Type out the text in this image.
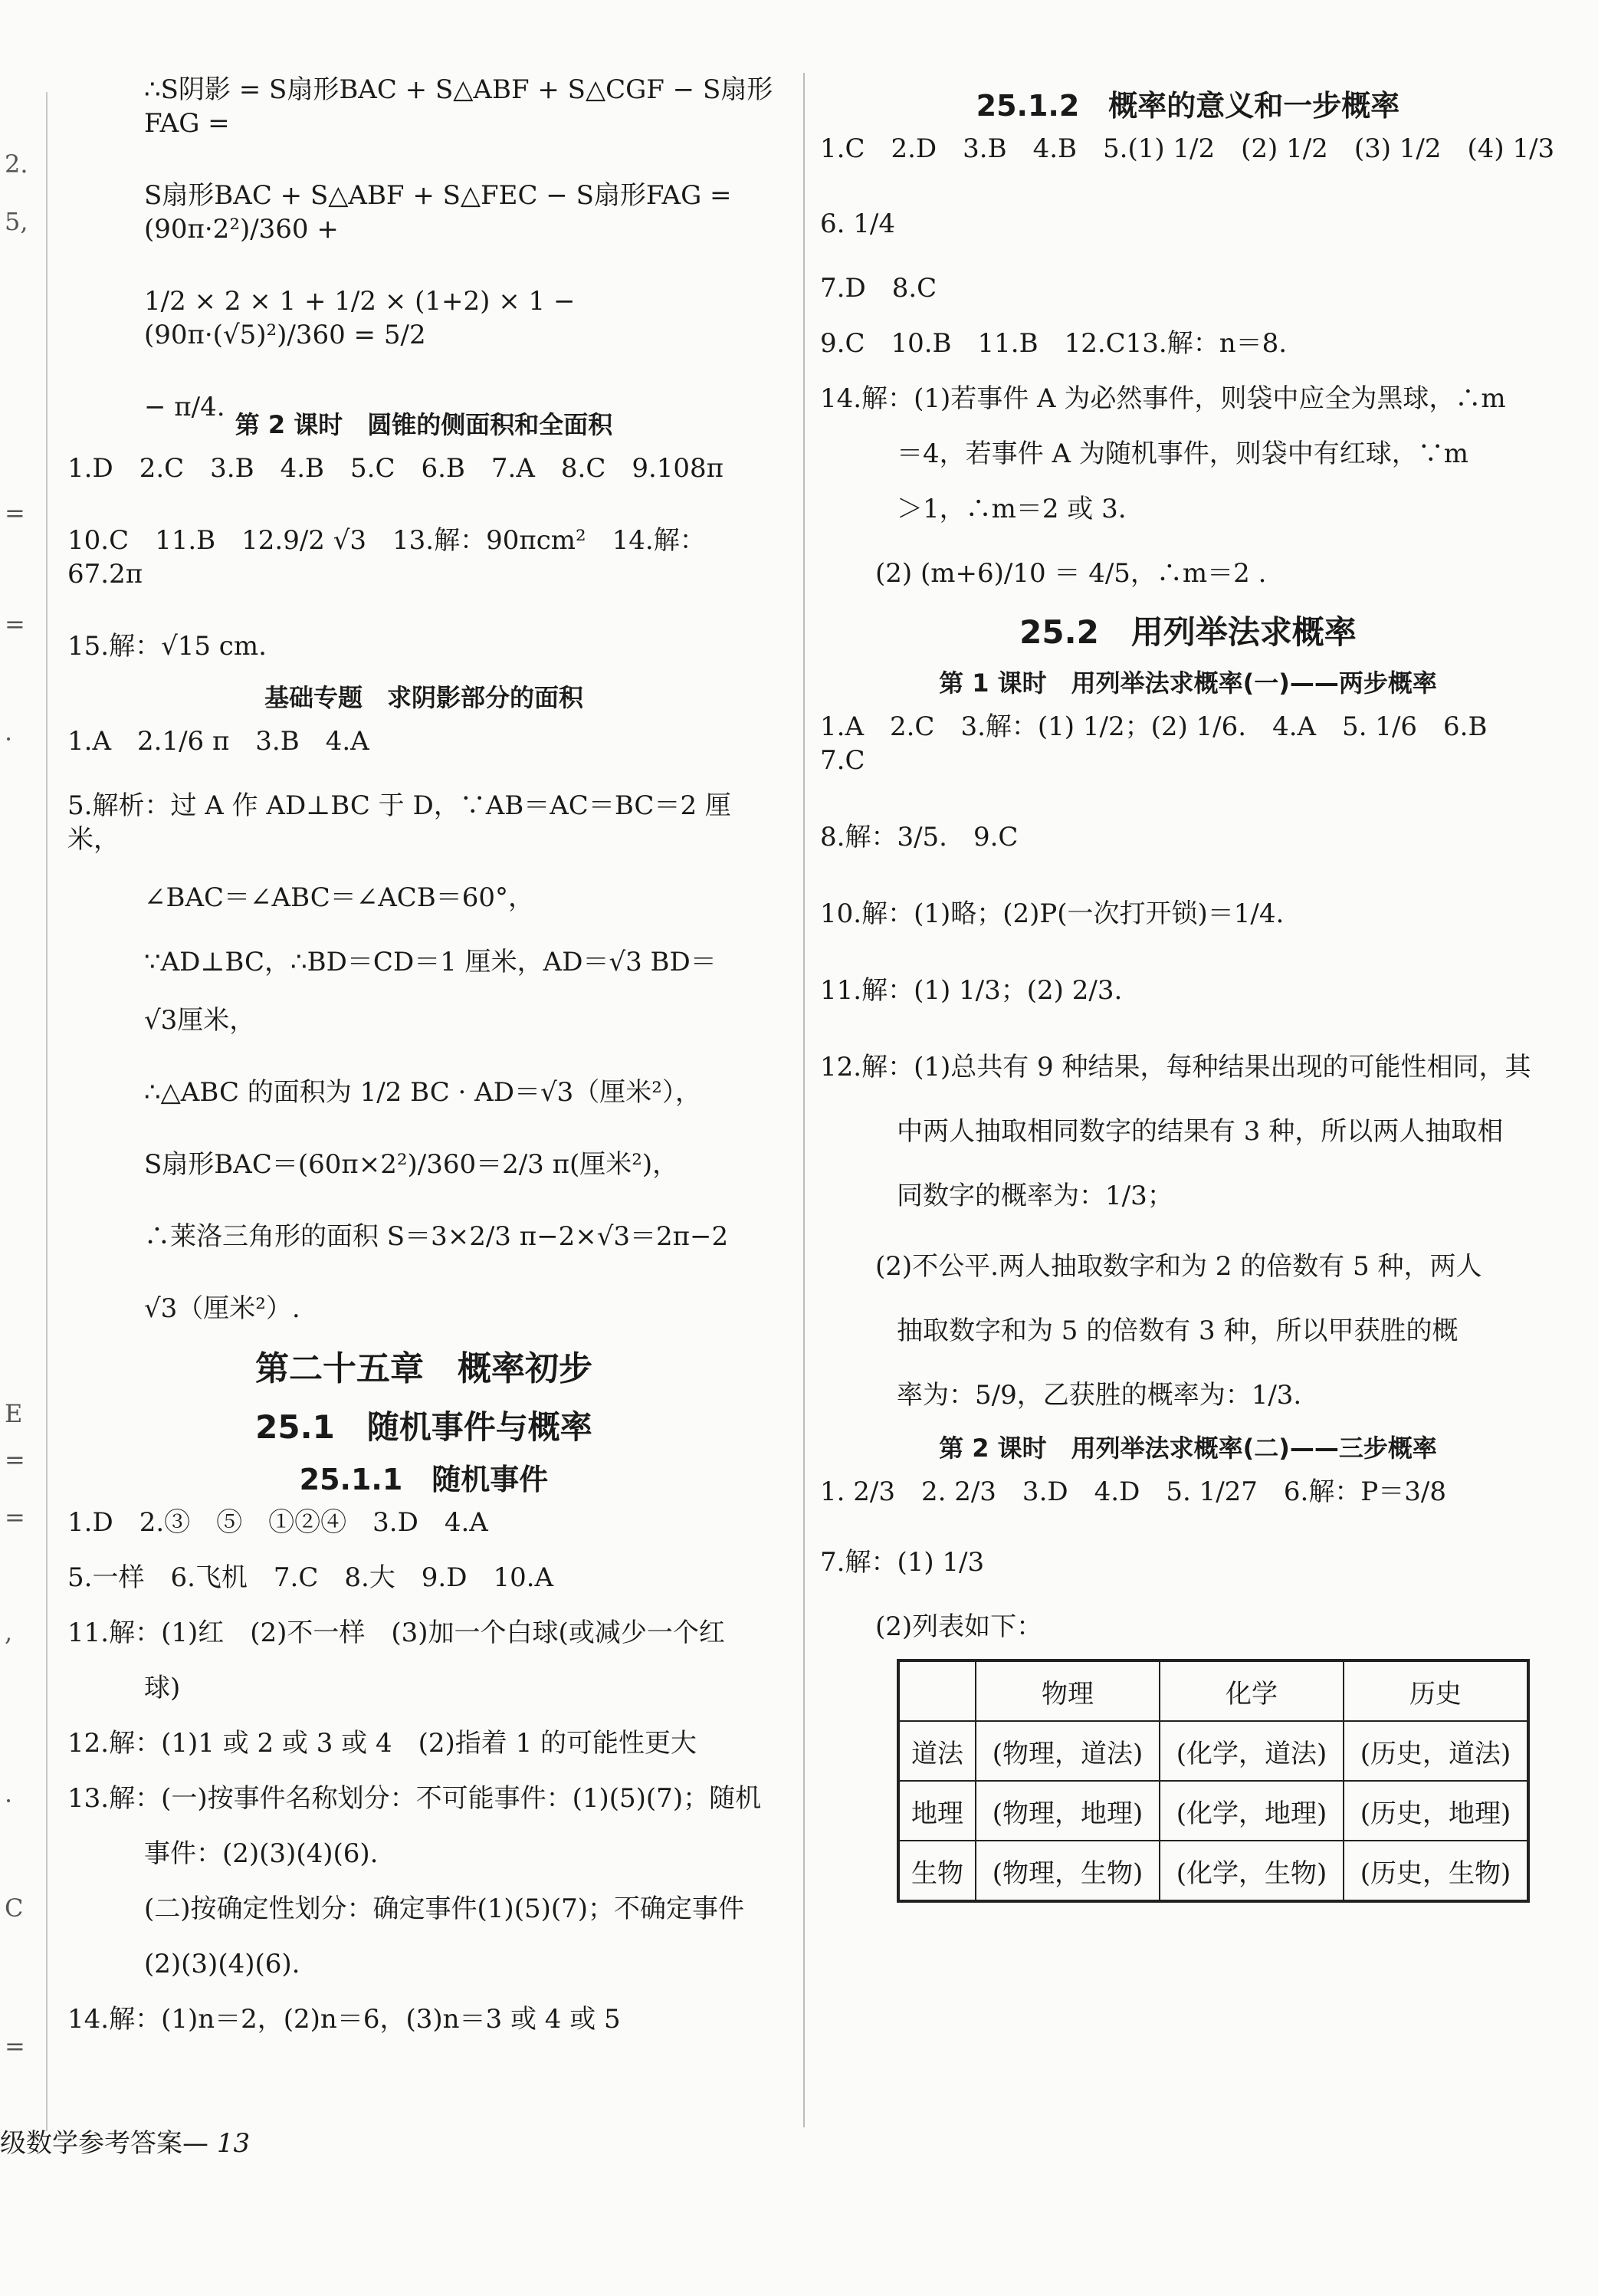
2.
5,
=
=
·
E
=
=
,
·
C
=

∴S阴影 = S扇形BAC + S△ABF + S△CGF − S扇形FAG =

S扇形BAC + S△ABF + S△FEC − S扇形FAG = (90π·2²)/360 +

1/2 × 2 × 1 + 1/2 × (1+2) × 1 − (90π·(√5)²)/360 = 5/2

− π/4.

第 2 课时　圆锥的侧面积和全面积

1.D　2.C　3.B　4.B　5.C　6.B　7.A　8.C　9.108π

10.C　11.B　12.9/2 √3　13.解：90πcm²　14.解：67.2π

15.解：√15 cm.

基础专题　求阴影部分的面积

1.A　2.1/6 π　3.B　4.A

5.解析：过 A 作 AD⊥BC 于 D，∵AB＝AC＝BC＝2 厘米，

∠BAC＝∠ABC＝∠ACB＝60°，

∵AD⊥BC，∴BD＝CD＝1 厘米，AD＝√3 BD＝

√3厘米，

∴△ABC 的面积为 1/2 BC · AD＝√3（厘米²），

S扇形BAC＝(60π×2²)/360＝2/3 π(厘米²)，

∴莱洛三角形的面积 S＝3×2/3 π−2×√3＝2π−2

√3（厘米²）.

第二十五章　概率初步
25.1　随机事件与概率
25.1.1　随机事件

1.D　2.③　⑤　①②④　3.D　4.A

5.一样　6.飞机　7.C　8.大　9.D　10.A

11.解：(1)红　(2)不一样　(3)加一个白球(或减少一个红

球)

12.解：(1)1 或 2 或 3 或 4　(2)指着 1 的可能性更大

13.解：(一)按事件名称划分：不可能事件：(1)(5)(7)；随机

事件：(2)(3)(4)(6).

(二)按确定性划分：确定事件(1)(5)(7)；不确定事件

(2)(3)(4)(6).

14.解：(1)n＝2，(2)n＝6，(3)n＝3 或 4 或 5

25.1.2　概率的意义和一步概率

1.C　2.D　3.B　4.B　5.(1) 1/2　(2) 1/2　(3) 1/2　(4) 1/3

6. 1/4

7.D　8.C

9.C　10.B　11.B　12.C13.解：n＝8.

14.解：(1)若事件 A 为必然事件，则袋中应全为黑球，∴m

＝4，若事件 A 为随机事件，则袋中有红球，∵m

＞1，∴m＝2 或 3.

(2) (m+6)/10 ＝ 4/5，∴m＝2 .

25.2　用列举法求概率
第 1 课时　用列举法求概率(一)——两步概率

1.A　2.C　3.解：(1) 1/2；(2) 1/6.　4.A　5. 1/6　6.B　7.C

8.解：3/5.　9.C

10.解：(1)略；(2)P(一次打开锁)＝1/4.

11.解：(1) 1/3；(2) 2/3.

12.解：(1)总共有 9 种结果，每种结果出现的可能性相同，其

中两人抽取相同数字的结果有 3 种，所以两人抽取相

同数字的概率为：1/3；

(2)不公平.两人抽取数字和为 2 的倍数有 5 种，两人

抽取数字和为 5 的倍数有 3 种，所以甲获胜的概

率为：5/9，乙获胜的概率为：1/3.

第 2 课时　用列举法求概率(二)——三步概率

1. 2/3　2. 2/3　3.D　4.D　5. 1/27　6.解：P＝3/8

7.解：(1) 1/3

(2)列表如下：

	物理	化学	历史
道法	(物理，道法)	(化学，道法)	(历史，道法)
地理	(物理，地理)	(化学，地理)	(历史，地理)
生物	(物理，生物)	(化学，生物)	(历史，生物)
级数学参考答案— 13
